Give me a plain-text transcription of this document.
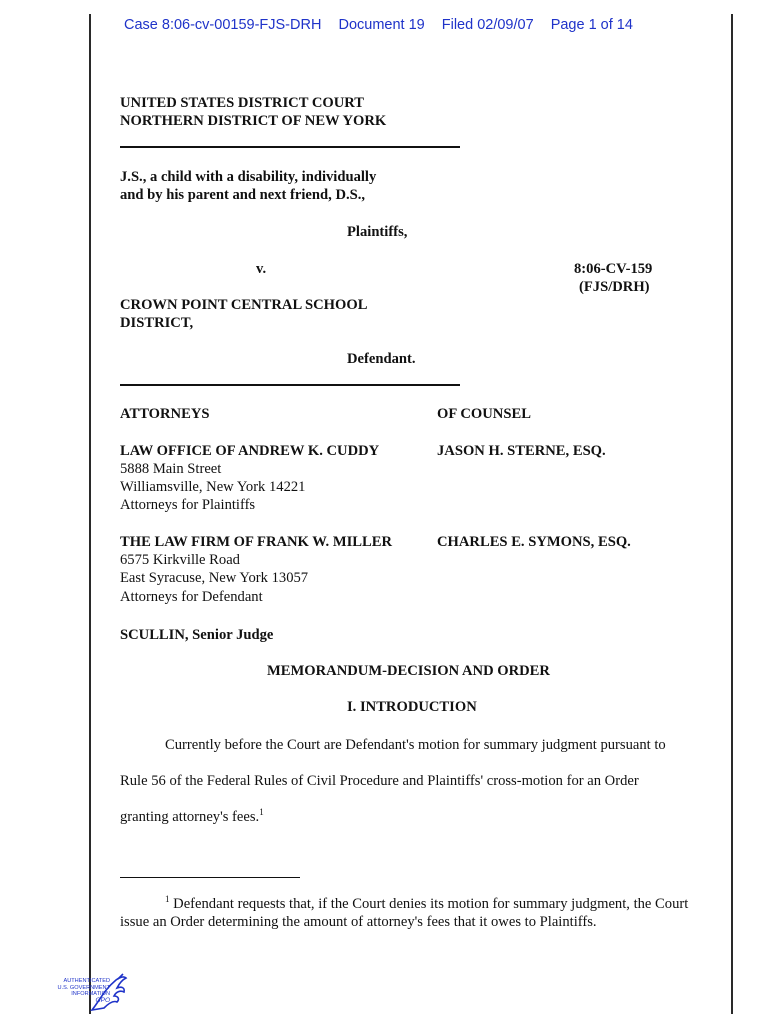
Case 8:06-cv-00159-FJS-DRH Document 19 Filed 02/09/07 Page 1 of 14
UNITED STATES DISTRICT COURT
NORTHERN DISTRICT OF NEW YORK
J.S., a child with a disability, individually
and by his parent and next friend, D.S.,
Plaintiffs,
v.	8:06-CV-159
(FJS/DRH)
CROWN POINT CENTRAL SCHOOL
DISTRICT,
Defendant.
ATTORNEYS	OF COUNSEL
LAW OFFICE OF ANDREW K. CUDDY	JASON H. STERNE, ESQ.
5888 Main Street
Williamsville, New York 14221
Attorneys for Plaintiffs
THE LAW FIRM OF FRANK W. MILLER	CHARLES E. SYMONS, ESQ.
6575 Kirkville Road
East Syracuse, New York 13057
Attorneys for Defendant
SCULLIN, Senior Judge
MEMORANDUM-DECISION AND ORDER
I. INTRODUCTION
Currently before the Court are Defendant's motion for summary judgment pursuant to
Rule 56 of the Federal Rules of Civil Procedure and Plaintiffs' cross-motion for an Order
granting attorney's fees.$^1$
$^1$ Defendant requests that, if the Court denies its motion for summary judgment, the Court
issue an Order determining the amount of attorney's fees that it owes to Plaintiffs.
AUTHENTICATED
U.S. GOVERNMENT
INFORMATION
GPO
